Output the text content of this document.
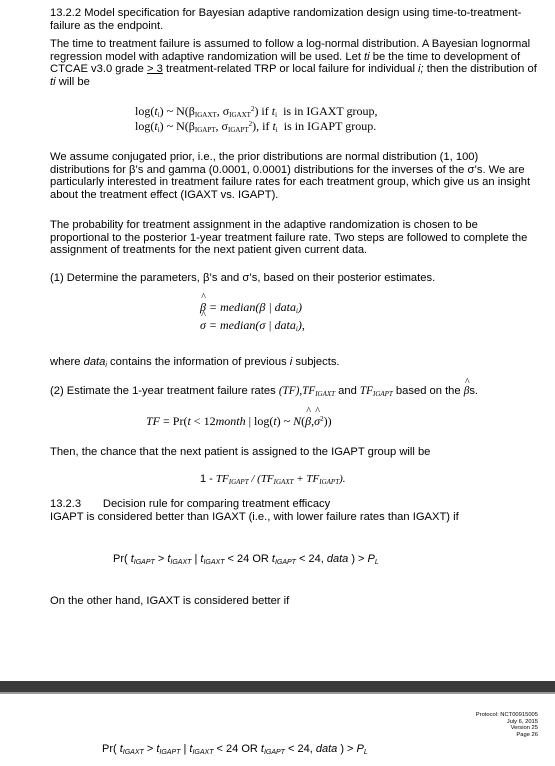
13.2.2 Model specification for Bayesian adaptive randomization design using time-to-treatment-failure as the endpoint.
The time to treatment failure is assumed to follow a log-normal distribution. A Bayesian lognormal regression model with adaptive randomization will be used. Let ti be the time to development of CTCAE v3.0 grade > 3 treatment-related TRP or local failure for individual i; then the distribution of ti will be
$\log(t_i)$ ~ $N(\beta_{IGAXT}$, $\sigma_{IGAXT}^2$) if $t_i$ is in IGAXT group,
$\log(t_i)$ ~ $N(\beta_{IGAPT}$, $\sigma_{IGAPT}^2$), if $t_i$ is in IGAPT group.
We assume conjugated prior, i.e., the prior distributions are normal distribution (1, 100) distributions for β’s and gamma (0.0001, 0.0001) distributions for the inverses of the σ’s. We are particularly interested in treatment failure rates for each treatment group, which give us an insight about the treatment effect (IGAXT vs. IGAPT).
The probability for treatment assignment in the adaptive randomization is chosen to be proportional to the posterior 1-year treatment failure rate. Two steps are followed to complete the assignment of treatments for the next patient given current data.
(1) Determine the parameters, β’s and σ’s, based on their posterior estimates.
^ β = median(β | data$_i$)
^ σ = median(σ | data$_i$),
where data$_i$ contains the information of previous i subjects.
(2) Estimate the 1-year treatment failure rates $(TF),TF_{IGAXT}$ and $TF_{IGAPT}$ based on the ^ βs.
TF = Pr(t < 12month | log(t) ~ N(^ β,^ $\sigma^2$))
Then, the chance that the next patient is assigned to the IGAPT group will be
$1 - TF_{IGAPT} / (TF_{IGAXT} + TF_{IGAPT})$.
13.2.3 Decision rule for comparing treatment efficacy
IGAPT is considered better than IGAXT (i.e., with lower failure rates than IGAXT) if
Pr( $t_{IGAPT} > t_{IGAXT}$ | $t_{IGAXT} < 24$ OR $t_{IGAPT} < 24$, data ) > $P_L$
On the other hand, IGAXT is considered better if
Protocol: NCT00915005
July 6, 2015
Version 25
Page 26
Pr( $t_{IGAXT} > t_{IGAPT}$ | $t_{IGAXT} < 24$ OR $t_{IGAPT} < 24$, data ) > $P_L$
